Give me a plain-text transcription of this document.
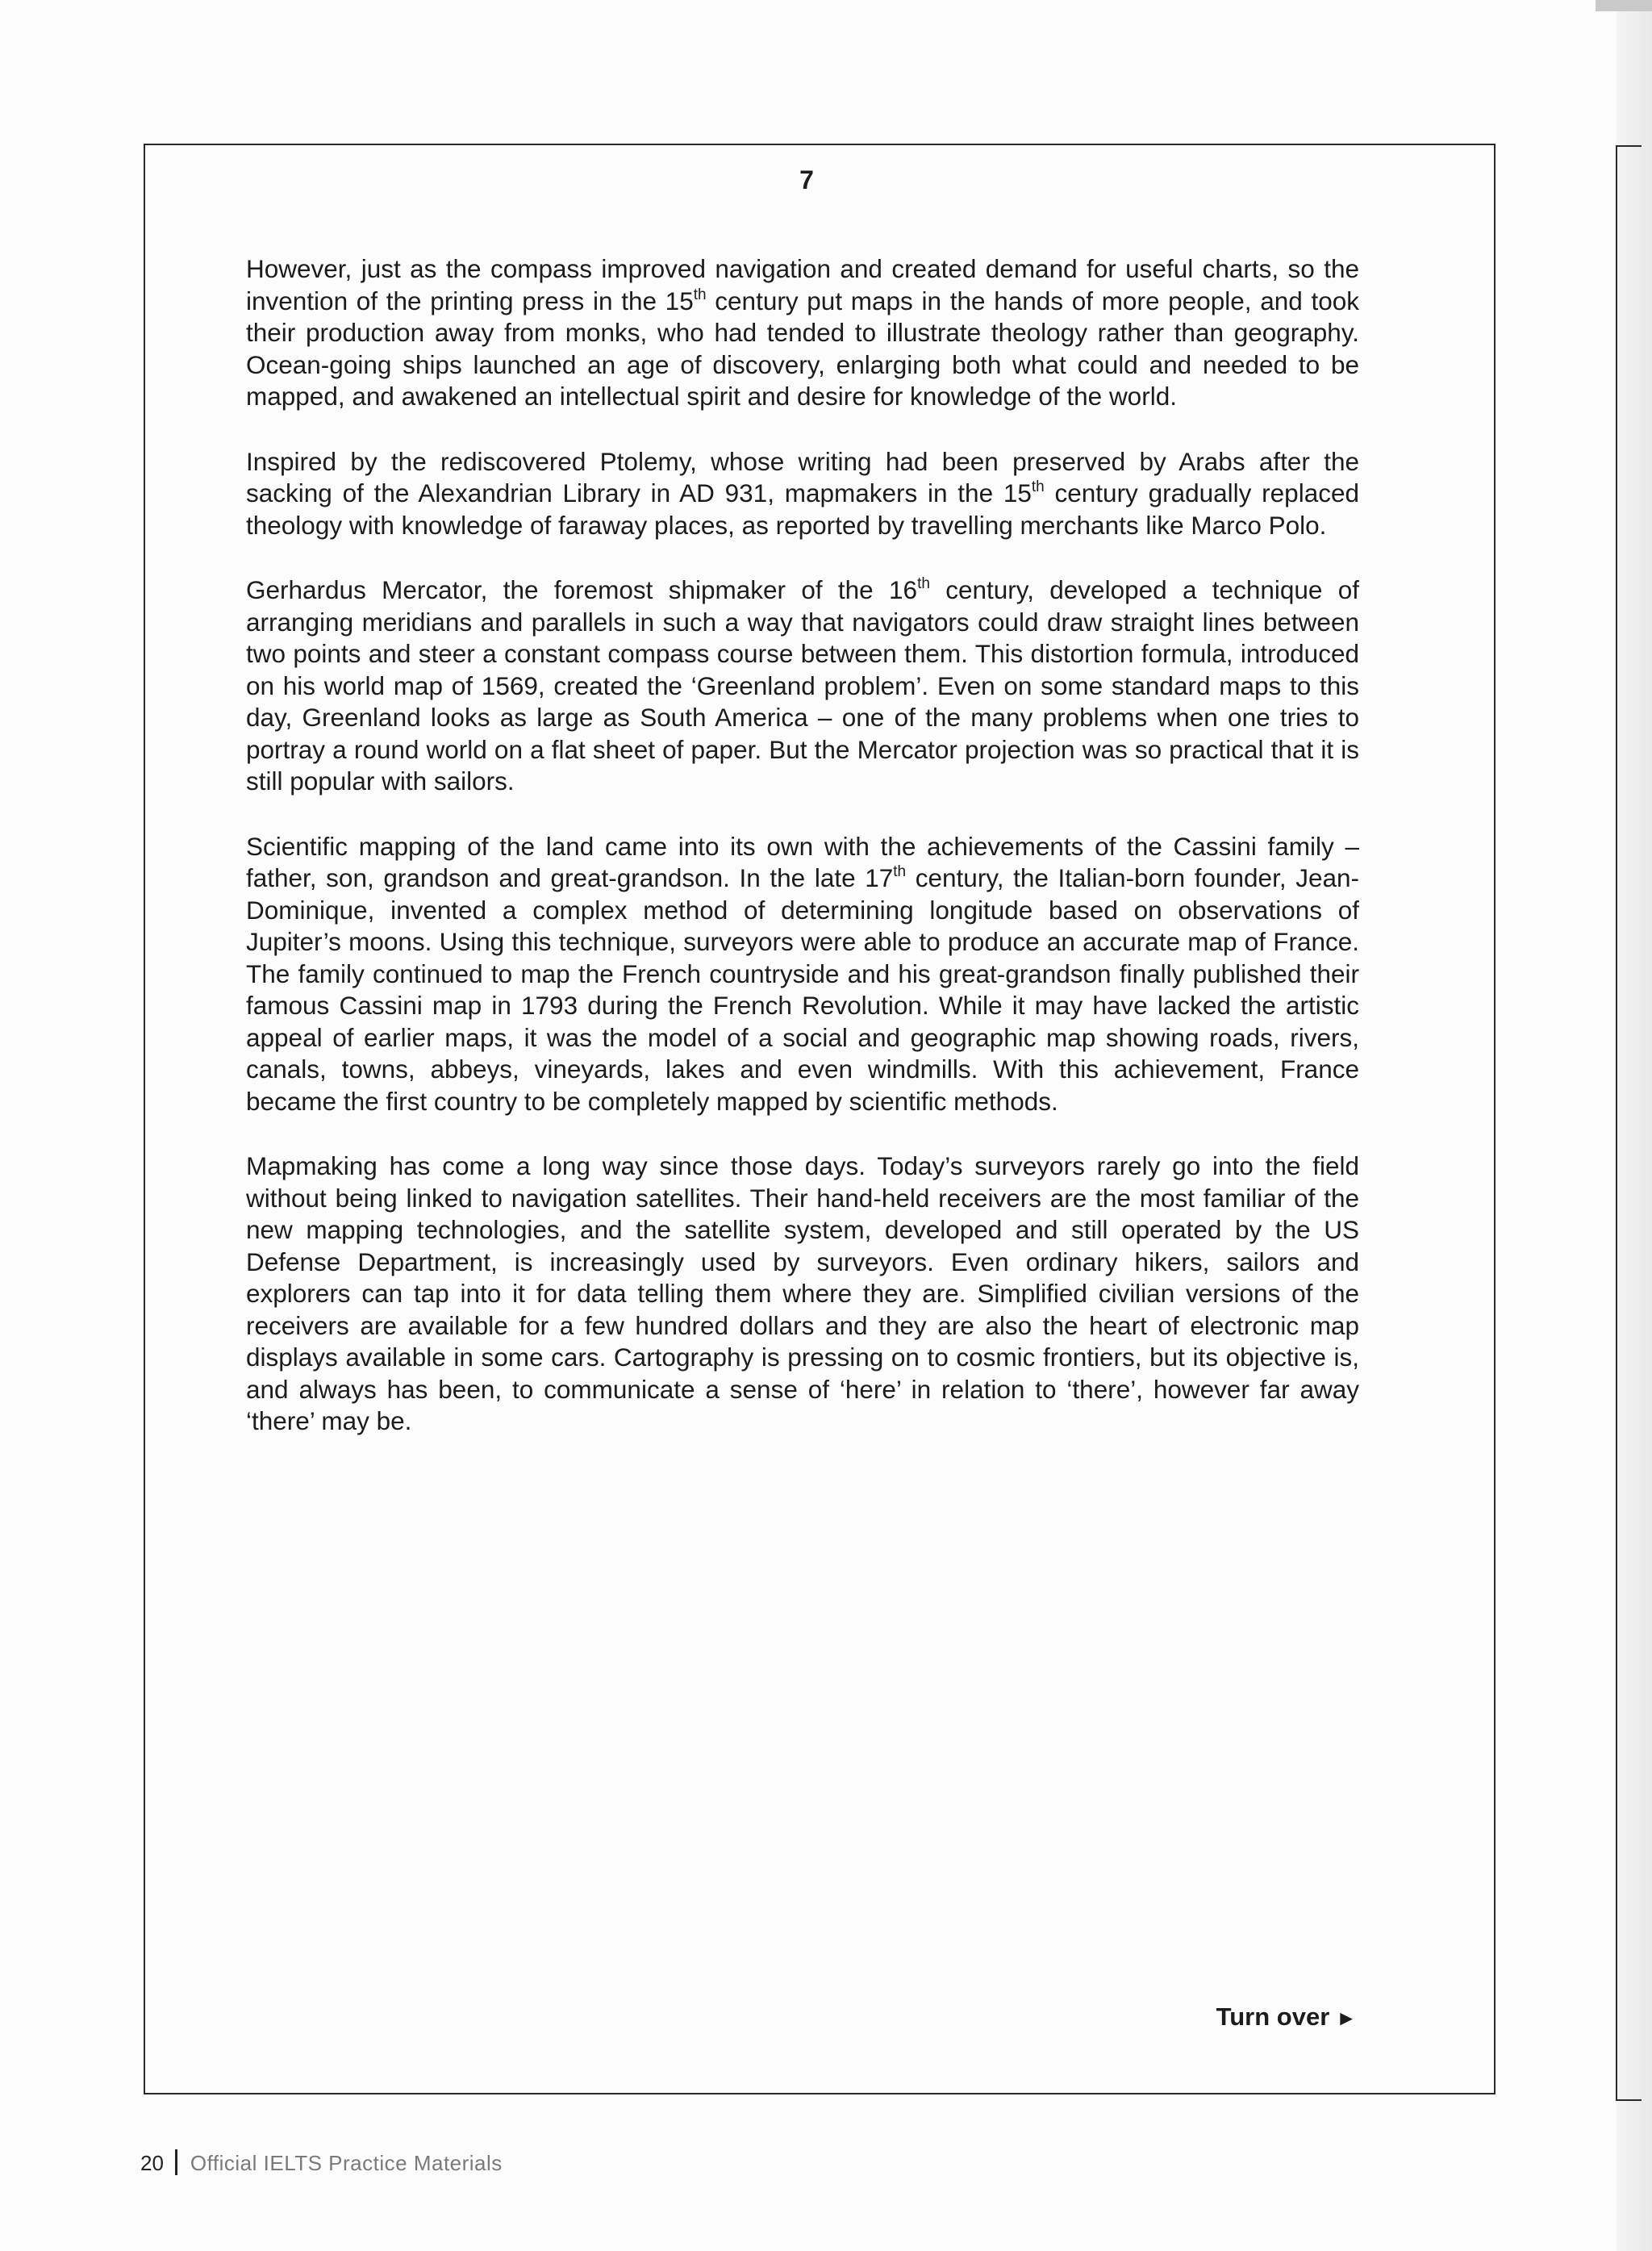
7

However, just as the compass improved navigation and created demand for useful charts, so the invention of the printing press in the 15th century put maps in the hands of more people, and took their production away from monks, who had tended to illustrate theology rather than geography. Ocean-going ships launched an age of discovery, enlarging both what could and needed to be mapped, and awakened an intellectual spirit and desire for knowledge of the world.

Inspired by the rediscovered Ptolemy, whose writing had been preserved by Arabs after the sacking of the Alexandrian Library in AD 931, mapmakers in the 15th century gradually replaced theology with knowledge of faraway places, as reported by travelling merchants like Marco Polo.

Gerhardus Mercator, the foremost shipmaker of the 16th century, developed a technique of arranging meridians and parallels in such a way that navigators could draw straight lines between two points and steer a constant compass course between them. This distortion formula, introduced on his world map of 1569, created the ‘Greenland problem’. Even on some standard maps to this day, Greenland looks as large as South America – one of the many problems when one tries to portray a round world on a flat sheet of paper. But the Mercator projection was so practical that it is still popular with sailors.

Scientific mapping of the land came into its own with the achievements of the Cassini family – father, son, grandson and great-grandson. In the late 17th century, the Italian-born founder, Jean-Dominique, invented a complex method of determining longitude based on observations of Jupiter’s moons. Using this technique, surveyors were able to produce an accurate map of France. The family continued to map the French countryside and his great-grandson finally published their famous Cassini map in 1793 during the French Revolution. While it may have lacked the artistic appeal of earlier maps, it was the model of a social and geographic map showing roads, rivers, canals, towns, abbeys, vineyards, lakes and even windmills. With this achievement, France became the first country to be completely mapped by scientific methods.

Mapmaking has come a long way since those days. Today’s surveyors rarely go into the field without being linked to navigation satellites. Their hand-held receivers are the most familiar of the new mapping technologies, and the satellite system, developed and still operated by the US Defense Department, is increasingly used by surveyors. Even ordinary hikers, sailors and explorers can tap into it for data telling them where they are. Simplified civilian versions of the receivers are available for a few hundred dollars and they are also the heart of electronic map displays available in some cars. Cartography is pressing on to cosmic frontiers, but its objective is, and always has been, to communicate a sense of ‘here’ in relation to ‘there’, however far away ‘there’ may be.

Turn over ►
20 Official IELTS Practice Materials
